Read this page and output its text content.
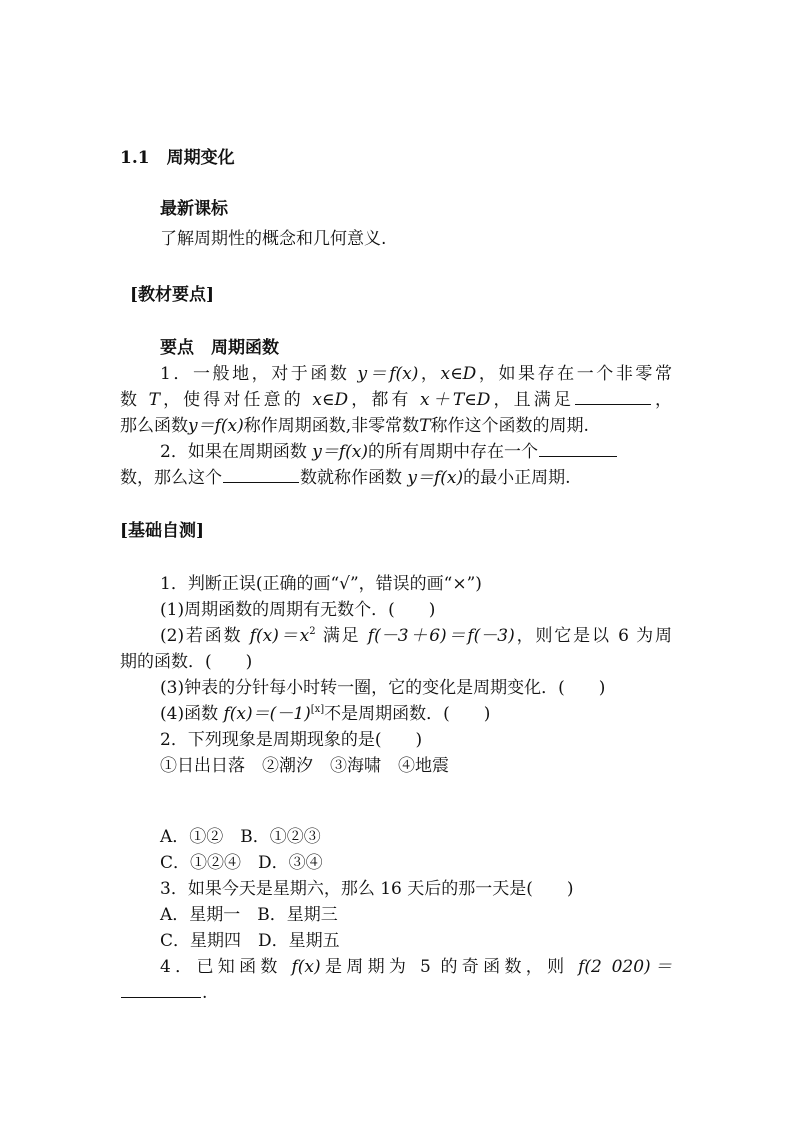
1.1　周期变化
最新课标
了解周期性的概念和几何意义.
[教材要点]
要点　周期函数
1．一般地，对于函数 y＝f(x)，x∈D，如果存在一个非零常
数 T，使得对任意的 x∈D，都有 x＋T∈D，且满足	，
那么函数y＝f(x)称作周期函数,非零常数T称作这个函数的周期.
2．如果在周期函数 y＝f(x)的所有周期中存在一个
数，那么这个	数就称作函数 y＝f(x)的最小正周期.
[基础自测]
1．判断正误(正确的画“√”，错误的画“×”)
(1)周期函数的周期有无数个．(　　)
(2)若函数 $f(x)=x^2$ 满足 f(－3＋6)＝f(－3)，则它是以 6 为周
期的函数．(　　)
(3)钟表的分针每小时转一圈，它的变化是周期变化．(　　)
(4)函数 f(x)＝(－1)[x]不是周期函数．(　　)
2．下列现象是周期现象的是(　　)
①日出日落　②潮汐　③海啸　④地震
A．①②　B．①②③
C．①②④　D．③④
3．如果今天是星期六，那么 16 天后的那一天是(　　)
A．星期一　B．星期三
C．星期四　D．星期五
4．已知函数 f(x)是周期为 5 的奇函数，则 f(2 020)＝
.
